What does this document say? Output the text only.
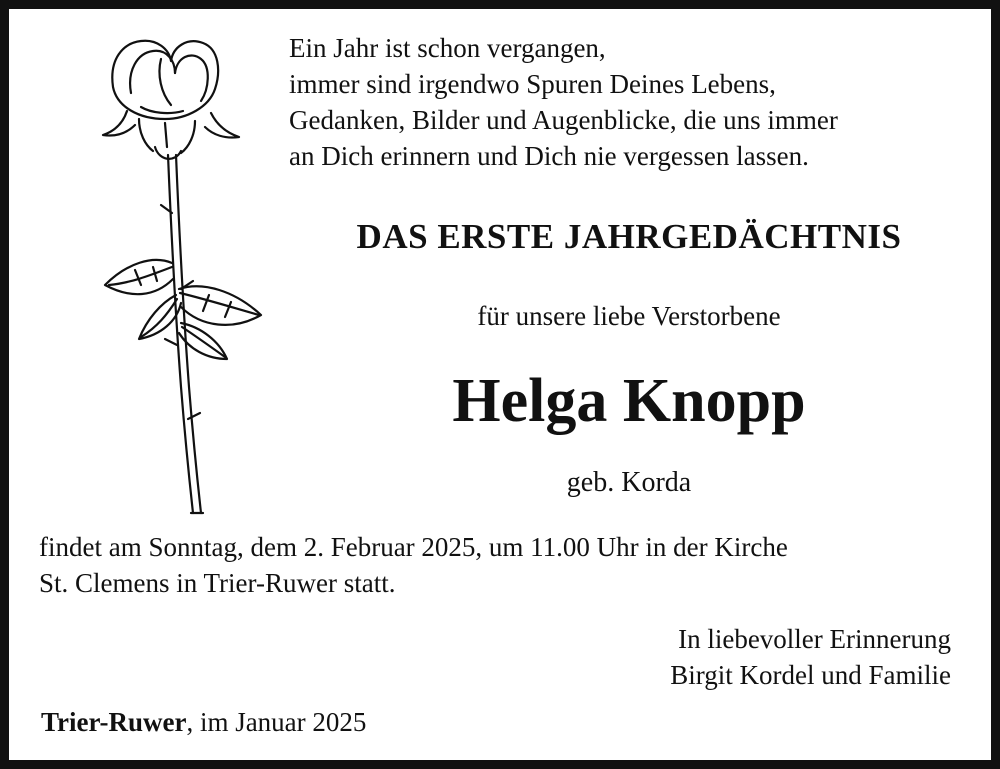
Ein Jahr ist schon vergangen,
immer sind irgendwo Spuren Deines Lebens,
Gedanken, Bilder und Augenblicke, die uns immer
an Dich erinnern und Dich nie vergessen lassen.
DAS ERSTE JAHRGEDÄCHTNIS
für unsere liebe Verstorbene
Helga Knopp
geb. Korda
findet am Sonntag, dem 2. Februar 2025, um 11.00 Uhr in der Kirche
St. Clemens in Trier-Ruwer statt.
In liebevoller Erinnerung
Birgit Kordel und Familie
Trier-Ruwer, im Januar 2025
